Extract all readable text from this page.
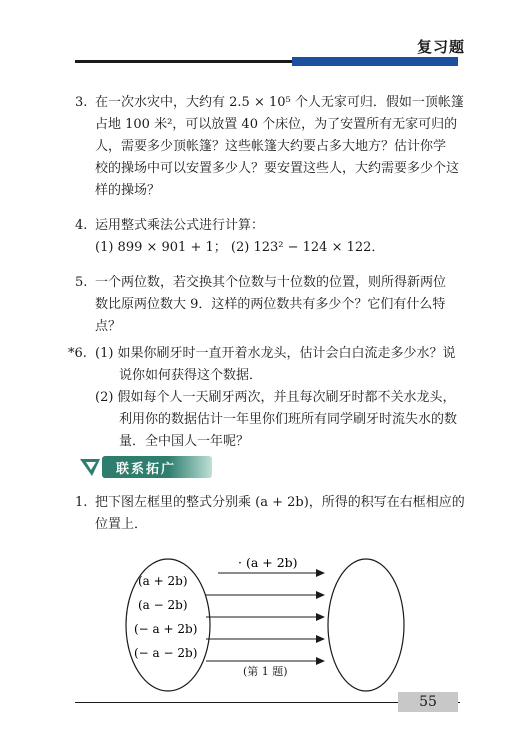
复习题
3. 在一次水灾中，大约有 2.5 × 10⁵ 个人无家可归．假如一顶帐篷
占地 100 米²，可以放置 40 个床位，为了安置所有无家可归的
人，需要多少顶帐篷？这些帐篷大约要占多大地方？估计你学
校的操场中可以安置多少人？要安置这些人，大约需要多少个这
样的操场？
4. 运用整式乘法公式进行计算：
(1) 899 × 901 + 1； (2) 123² − 124 × 122．
5. 一个两位数，若交换其个位数与十位数的位置，则所得新两位
数比原两位数大 9．这样的两位数共有多少个？它们有什么特
点？
*6. (1) 如果你刷牙时一直开着水龙头，估计会白白流走多少水？说
说你如何获得这个数据．
(2) 假如每个人一天刷牙两次，并且每次刷牙时都不关水龙头，
利用你的数据估计一年里你们班所有同学刷牙时流失水的数
量．全中国人一年呢？
联系拓广
1. 把下图左框里的整式分别乘 (a + 2b)，所得的积写在右框相应的
位置上．
· (a + 2b)
(a + 2b)
(a − 2b)
(− a + 2b)
(− a − 2b)
(第 1 题)
55
